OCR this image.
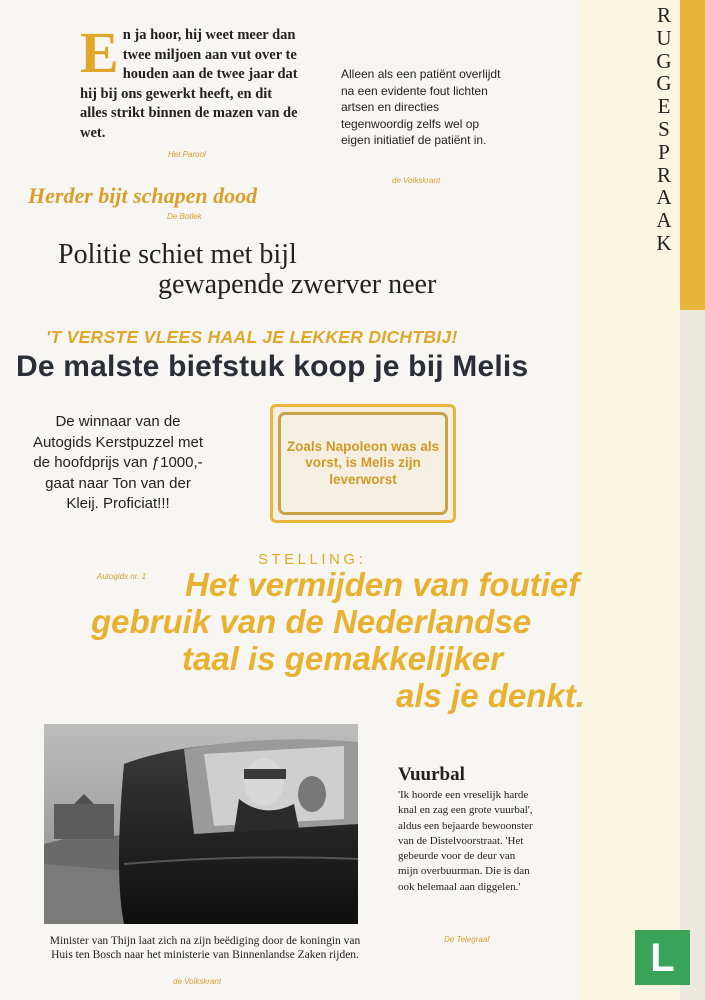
R
U
G
G
E
S
P
R
A
A
K
E n ja hoor, hij weet meer dan twee miljoen aan vut over te houden aan de twee jaar dat hij bij ons gewerkt heeft, en dit alles strikt binnen de mazen van de wet.
Het Parool
Alleen als een patiënt overlijdt na een evidente fout lichten artsen en directies tegenwoordig zelfs wel op eigen initiatief de patiënt in.
de Volkskrant
Herder bijt schapen dood
De Botlek
Politie schiet met bijl
gewapende zwerver neer
'T VERSTE VLEES HAAL JE LEKKER DICHTBIJ!
De malste biefstuk koop je bij Melis
De winnaar van de Autogids Kerstpuzzel met de hoofdprijs van ƒ1000,- gaat naar Ton van der Kleij. Proficiat!!!
Autogids nr. 1
Zoals Napoleon was als vorst, is Melis zijn leverworst
STELLING:
Het vermijden van foutief
gebruik van de Nederlandse
taal is gemakkelijker
als je denkt.
Minister van Thijn laat zich na zijn beëdiging door de koningin van Huis ten Bosch naar het ministerie van Binnenlandse Zaken rijden.
de Volkskrant
Vuurbal
'Ik hoorde een vreselijk harde knal en zag een grote vuurbal', aldus een bejaarde bewoonster van de Distelvoorstraat. 'Het gebeurde voor de deur van mijn overbuurman. Die is dan ook helemaal aan diggelen.'
De Telegraaf	L
